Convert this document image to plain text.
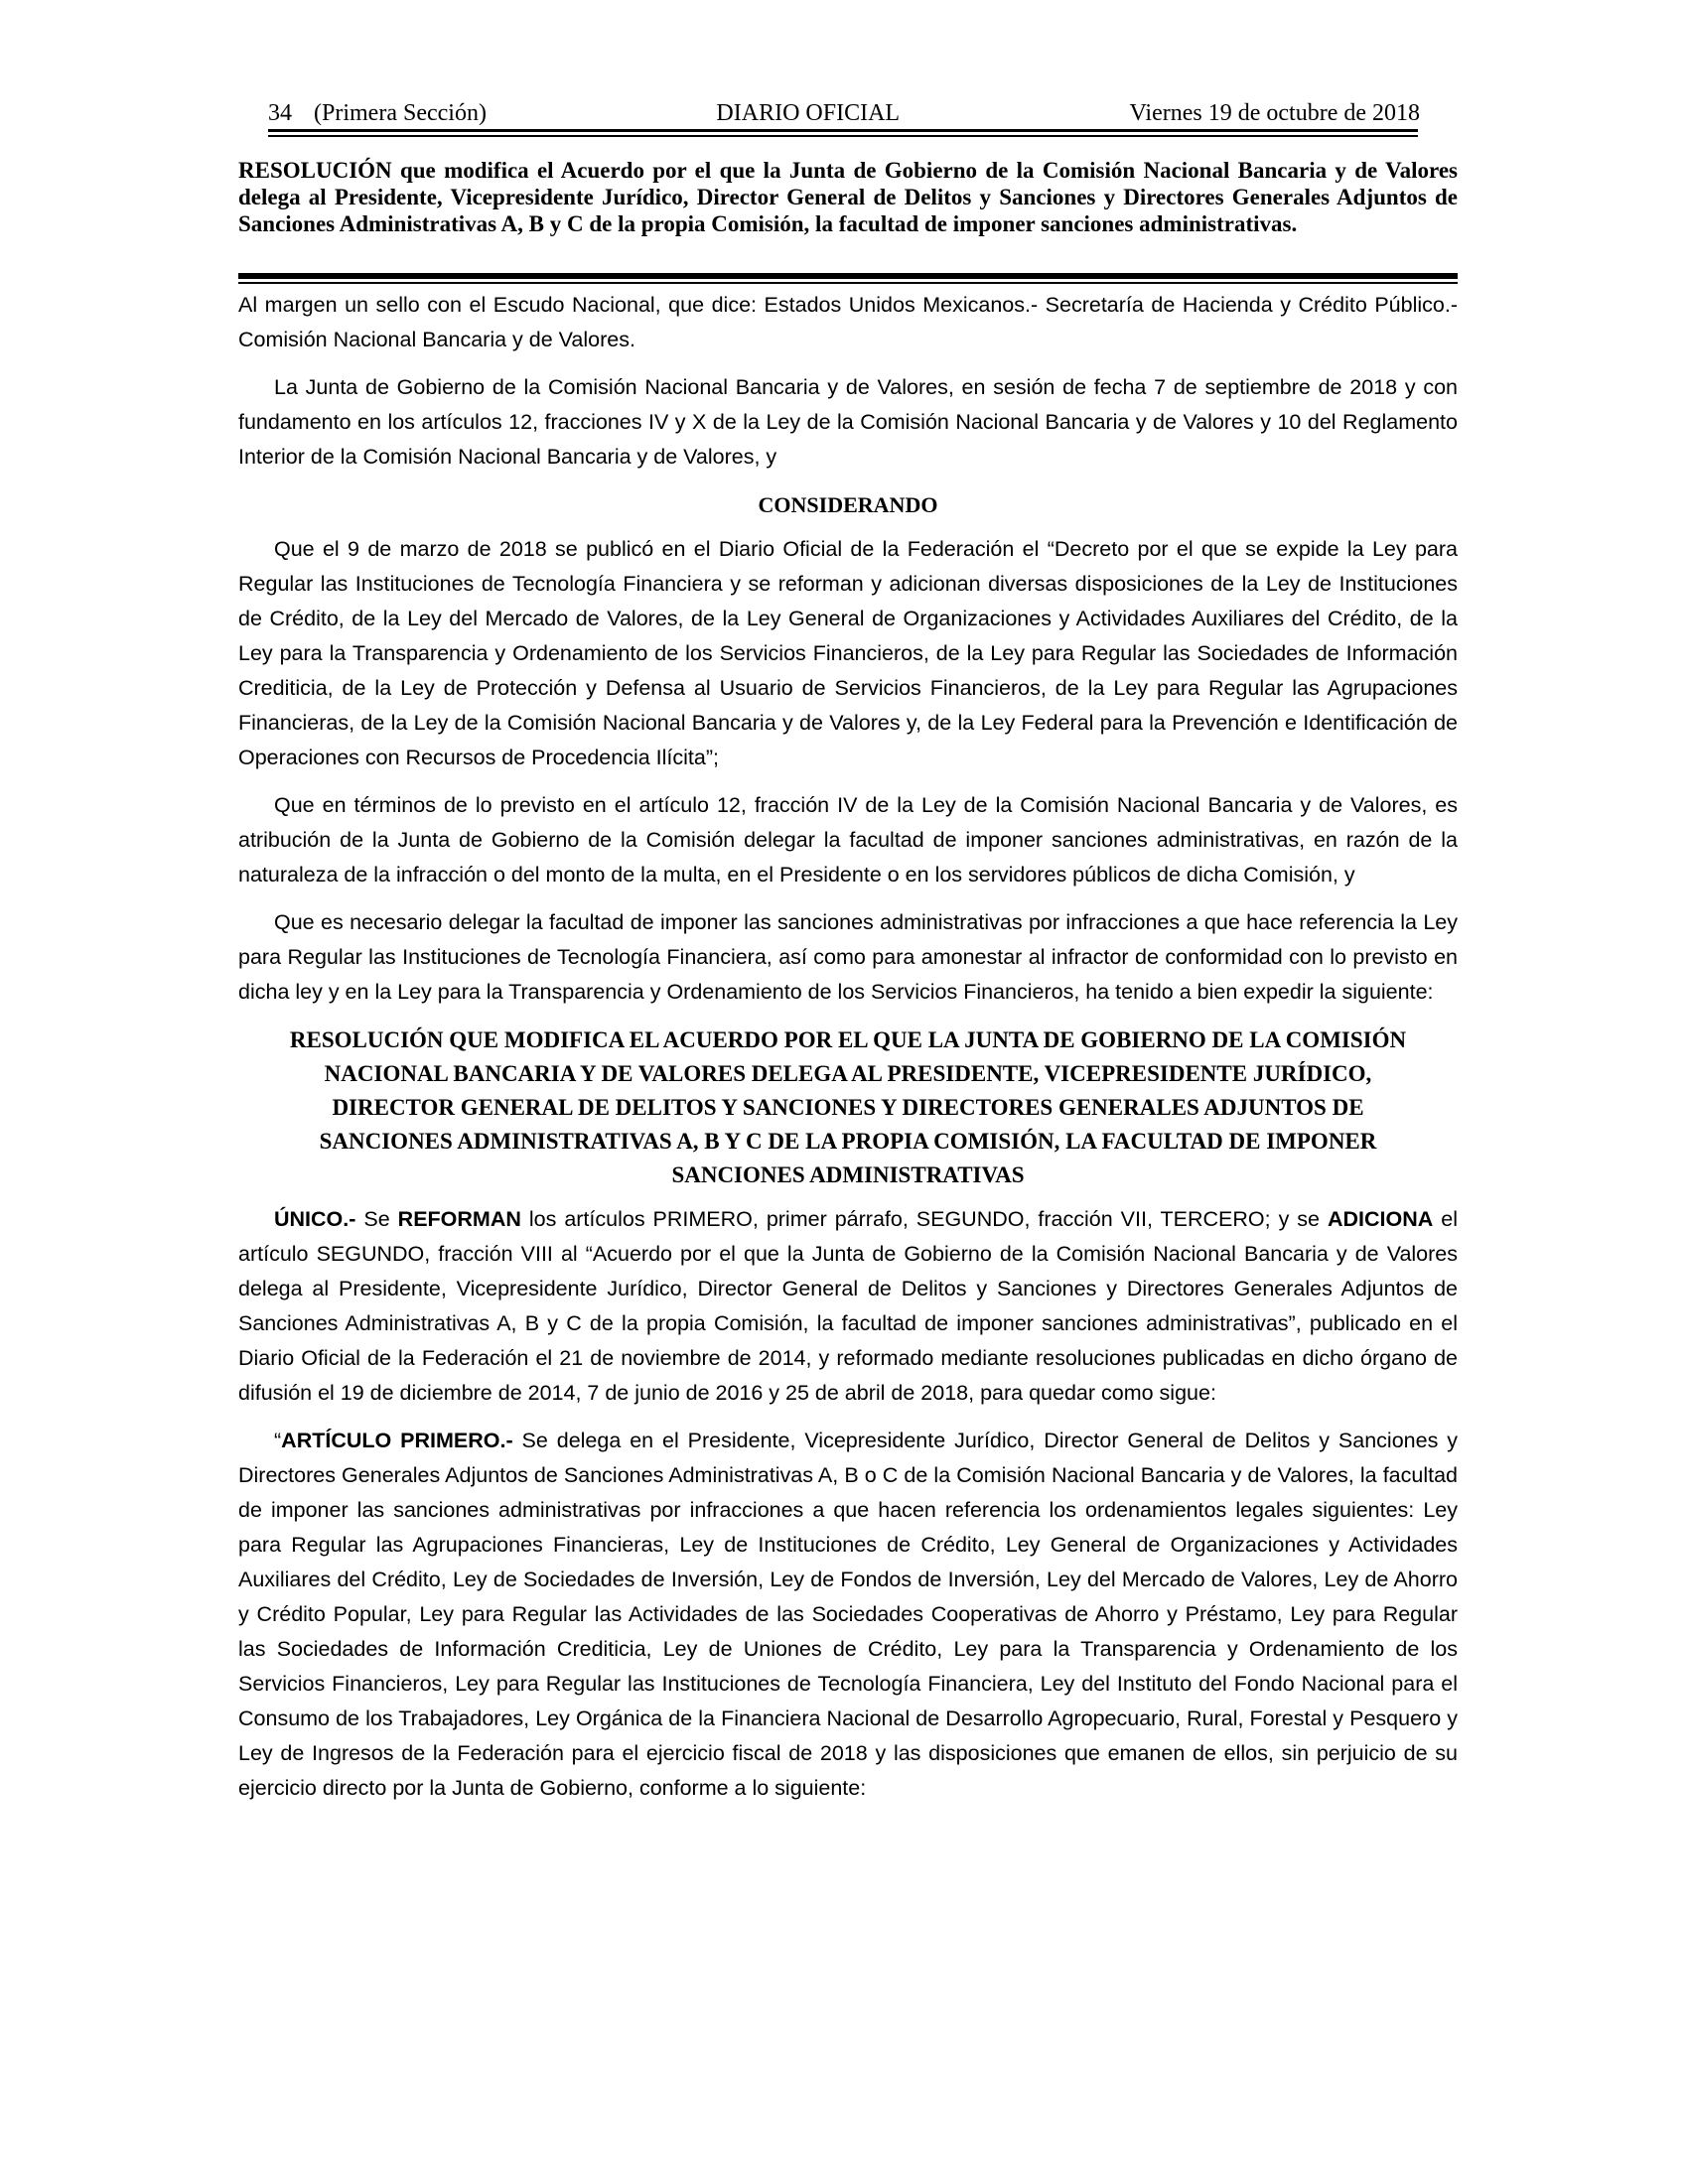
34 (Primera Sección)	DIARIO OFICIAL	Viernes 19 de octubre de 2018
RESOLUCIÓN que modifica el Acuerdo por el que la Junta de Gobierno de la Comisión Nacional Bancaria y de Valores delega al Presidente, Vicepresidente Jurídico, Director General de Delitos y Sanciones y Directores Generales Adjuntos de Sanciones Administrativas A, B y C de la propia Comisión, la facultad de imponer sanciones administrativas.

Al margen un sello con el Escudo Nacional, que dice: Estados Unidos Mexicanos.- Secretaría de Hacienda y Crédito Público.- Comisión Nacional Bancaria y de Valores.

La Junta de Gobierno de la Comisión Nacional Bancaria y de Valores, en sesión de fecha 7 de septiembre de 2018 y con fundamento en los artículos 12, fracciones IV y X de la Ley de la Comisión Nacional Bancaria y de Valores y 10 del Reglamento Interior de la Comisión Nacional Bancaria y de Valores, y

CONSIDERANDO

Que el 9 de marzo de 2018 se publicó en el Diario Oficial de la Federación el “Decreto por el que se expide la Ley para Regular las Instituciones de Tecnología Financiera y se reforman y adicionan diversas disposiciones de la Ley de Instituciones de Crédito, de la Ley del Mercado de Valores, de la Ley General de Organizaciones y Actividades Auxiliares del Crédito, de la Ley para la Transparencia y Ordenamiento de los Servicios Financieros, de la Ley para Regular las Sociedades de Información Crediticia, de la Ley de Protección y Defensa al Usuario de Servicios Financieros, de la Ley para Regular las Agrupaciones Financieras, de la Ley de la Comisión Nacional Bancaria y de Valores y, de la Ley Federal para la Prevención e Identificación de Operaciones con Recursos de Procedencia Ilícita”;

Que en términos de lo previsto en el artículo 12, fracción IV de la Ley de la Comisión Nacional Bancaria y de Valores, es atribución de la Junta de Gobierno de la Comisión delegar la facultad de imponer sanciones administrativas, en razón de la naturaleza de la infracción o del monto de la multa, en el Presidente o en los servidores públicos de dicha Comisión, y

Que es necesario delegar la facultad de imponer las sanciones administrativas por infracciones a que hace referencia la Ley para Regular las Instituciones de Tecnología Financiera, así como para amonestar al infractor de conformidad con lo previsto en dicha ley y en la Ley para la Transparencia y Ordenamiento de los Servicios Financieros, ha tenido a bien expedir la siguiente:

RESOLUCIÓN QUE MODIFICA EL ACUERDO POR EL QUE LA JUNTA DE GOBIERNO DE LA COMISIÓN NACIONAL BANCARIA Y DE VALORES DELEGA AL PRESIDENTE, VICEPRESIDENTE JURÍDICO, DIRECTOR GENERAL DE DELITOS Y SANCIONES Y DIRECTORES GENERALES ADJUNTOS DE SANCIONES ADMINISTRATIVAS A, B Y C DE LA PROPIA COMISIÓN, LA FACULTAD DE IMPONER SANCIONES ADMINISTRATIVAS

ÚNICO.- Se REFORMAN los artículos PRIMERO, primer párrafo, SEGUNDO, fracción VII, TERCERO; y se ADICIONA el artículo SEGUNDO, fracción VIII al “Acuerdo por el que la Junta de Gobierno de la Comisión Nacional Bancaria y de Valores delega al Presidente, Vicepresidente Jurídico, Director General de Delitos y Sanciones y Directores Generales Adjuntos de Sanciones Administrativas A, B y C de la propia Comisión, la facultad de imponer sanciones administrativas”, publicado en el Diario Oficial de la Federación el 21 de noviembre de 2014, y reformado mediante resoluciones publicadas en dicho órgano de difusión el 19 de diciembre de 2014, 7 de junio de 2016 y 25 de abril de 2018, para quedar como sigue:

“ARTÍCULO PRIMERO.- Se delega en el Presidente, Vicepresidente Jurídico, Director General de Delitos y Sanciones y Directores Generales Adjuntos de Sanciones Administrativas A, B o C de la Comisión Nacional Bancaria y de Valores, la facultad de imponer las sanciones administrativas por infracciones a que hacen referencia los ordenamientos legales siguientes: Ley para Regular las Agrupaciones Financieras, Ley de Instituciones de Crédito, Ley General de Organizaciones y Actividades Auxiliares del Crédito, Ley de Sociedades de Inversión, Ley de Fondos de Inversión, Ley del Mercado de Valores, Ley de Ahorro y Crédito Popular, Ley para Regular las Actividades de las Sociedades Cooperativas de Ahorro y Préstamo, Ley para Regular las Sociedades de Información Crediticia, Ley de Uniones de Crédito, Ley para la Transparencia y Ordenamiento de los Servicios Financieros, Ley para Regular las Instituciones de Tecnología Financiera, Ley del Instituto del Fondo Nacional para el Consumo de los Trabajadores, Ley Orgánica de la Financiera Nacional de Desarrollo Agropecuario, Rural, Forestal y Pesquero y Ley de Ingresos de la Federación para el ejercicio fiscal de 2018 y las disposiciones que emanen de ellos, sin perjuicio de su ejercicio directo por la Junta de Gobierno, conforme a lo siguiente:
